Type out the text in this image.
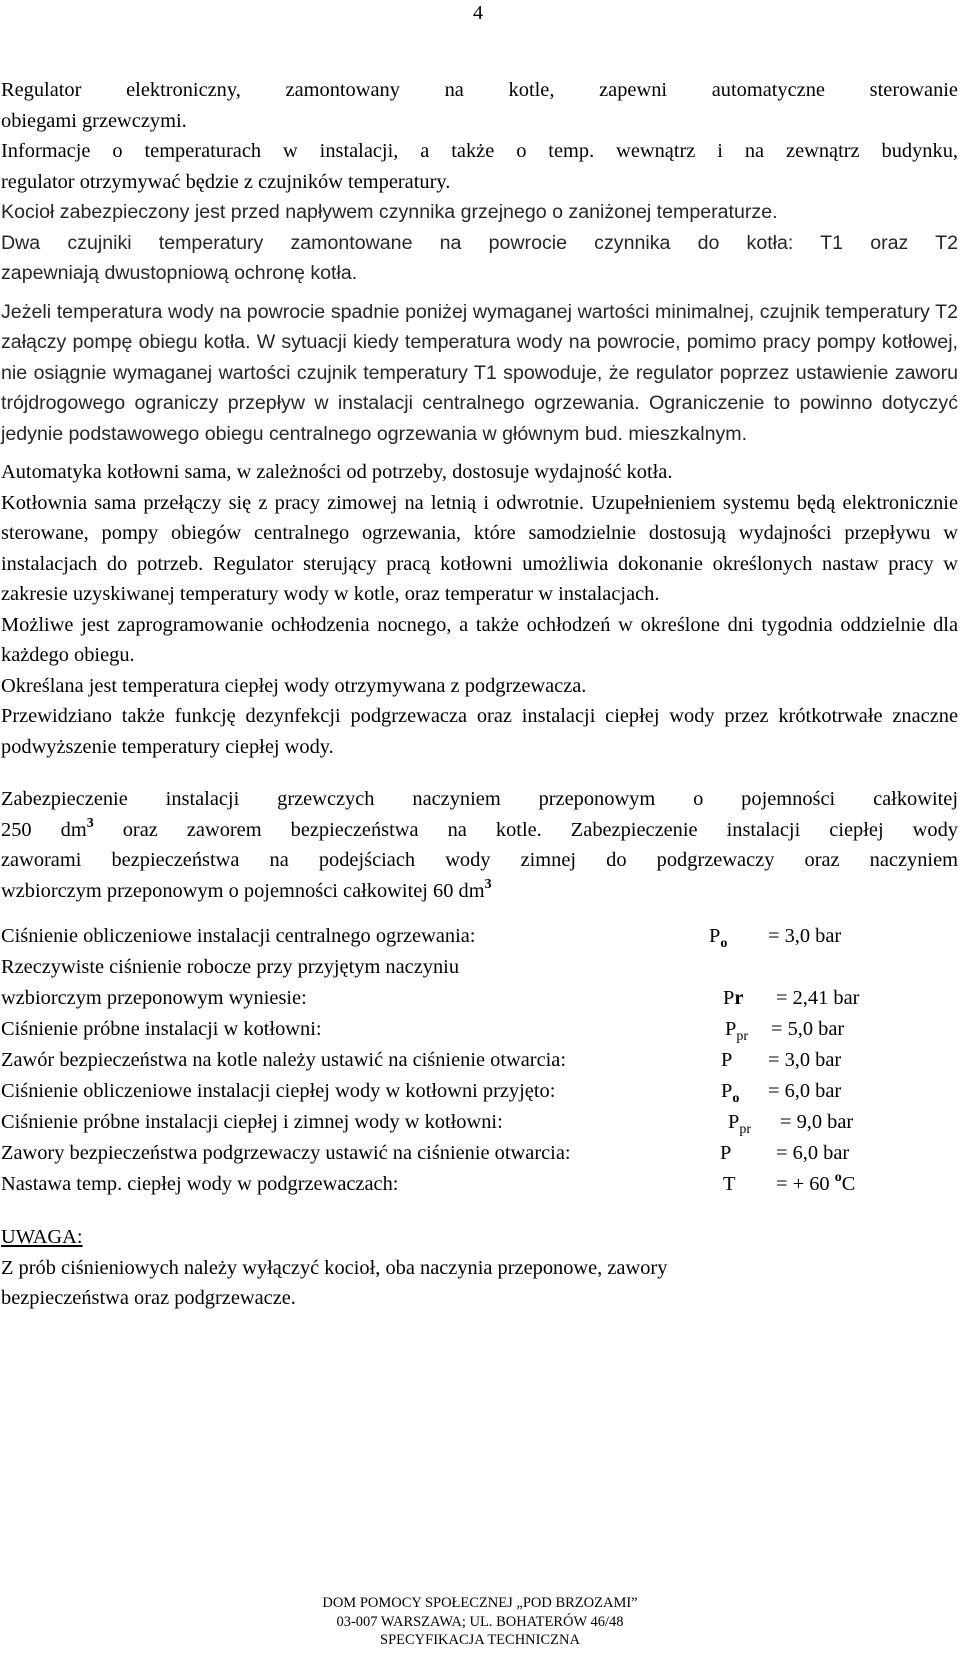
4
Regulator elektroniczny, zamontowany na kotle, zapewni automatyczne sterowanie
obiegami grzewczymi.
Informacje o temperaturach w instalacji, a także o temp. wewnątrz i na zewnątrz budynku,
regulator otrzymywać będzie z czujników temperatury.
Kocioł zabezpieczony jest przed napływem czynnika grzejnego o zaniżonej temperaturze.
Dwa czujniki temperatury zamontowane na powrocie czynnika do kotła: T1 oraz T2
zapewniają dwustopniową ochronę kotła.
Jeżeli temperatura wody na powrocie spadnie poniżej wymaganej wartości minimalnej, czujnik temperatury T2 załączy pompę obiegu kotła. W sytuacji kiedy temperatura wody na powrocie, pomimo pracy pompy kotłowej, nie osiągnie wymaganej wartości czujnik temperatury T1 spowoduje, że regulator poprzez ustawienie zaworu trójdrogowego ograniczy przepływ w instalacji centralnego ogrzewania. Ograniczenie to powinno dotyczyć jedynie podstawowego obiegu centralnego ogrzewania w głównym bud. mieszkalnym.
Automatyka kotłowni sama, w zależności od potrzeby, dostosuje wydajność kotła.
Kotłownia sama przełączy się z pracy zimowej na letnią i odwrotnie. Uzupełnieniem systemu będą elektronicznie sterowane, pompy obiegów centralnego ogrzewania, które samodzielnie dostosują wydajności przepływu w instalacjach do potrzeb. Regulator sterujący pracą kotłowni umożliwia dokonanie określonych nastaw pracy w zakresie uzyskiwanej temperatury wody w kotle, oraz temperatur w instalacjach.
Możliwe jest zaprogramowanie ochłodzenia nocnego, a także ochłodzeń w określone dni tygodnia oddzielnie dla każdego obiegu.
Określana jest temperatura ciepłej wody otrzymywana z podgrzewacza.
Przewidziano także funkcję dezynfekcji podgrzewacza oraz instalacji ciepłej wody przez krótkotrwałe znaczne podwyższenie temperatury ciepłej wody.
Zabezpieczenie instalacji grzewczych naczyniem przeponowym o pojemności całkowitej
250 $dm^3$ oraz zaworem bezpieczeństwa na kotle. Zabezpieczenie instalacji ciepłej wody
zaworami bezpieczeństwa na podejściach wody zimnej do podgrzewaczy oraz naczyniem
wzbiorczym przeponowym o pojemności całkowitej 60 $dm^3$
Ciśnienie obliczeniowe instalacji centralnego ogrzewania:	$P_o = 3,0$ bar
Rzeczywiste ciśnienie robocze przy przyjętym naczyniu
wzbiorczym przeponowym wyniesie:	Pr = 2,41 bar
Ciśnienie próbne instalacji w kotłowni:	$P_{pr} = 5,0$ bar
Zawór bezpieczeństwa na kotle należy ustawić na ciśnienie otwarcia:	P = 3,0 bar
Ciśnienie obliczeniowe instalacji ciepłej wody w kotłowni przyjęto:	$P_o = 6,0$ bar
Ciśnienie próbne instalacji ciepłej i zimnej wody w kotłowni:	$P_{pr} = 9,0$ bar
Zawory bezpieczeństwa podgrzewaczy ustawić na ciśnienie otwarcia:	P = 6,0 bar
Nastawa temp. ciepłej wody w podgrzewaczach:	T = + 60 $^o$C
UWAGA:
Z prób ciśnieniowych należy wyłączyć kocioł, oba naczynia przeponowe, zawory
bezpieczeństwa oraz podgrzewacze.
DOM POMOCY SPOŁECZNEJ „POD BRZOZAMI”
03-007 WARSZAWA; UL. BOHATERÓW 46/48
SPECYFIKACJA TECHNICZNA
